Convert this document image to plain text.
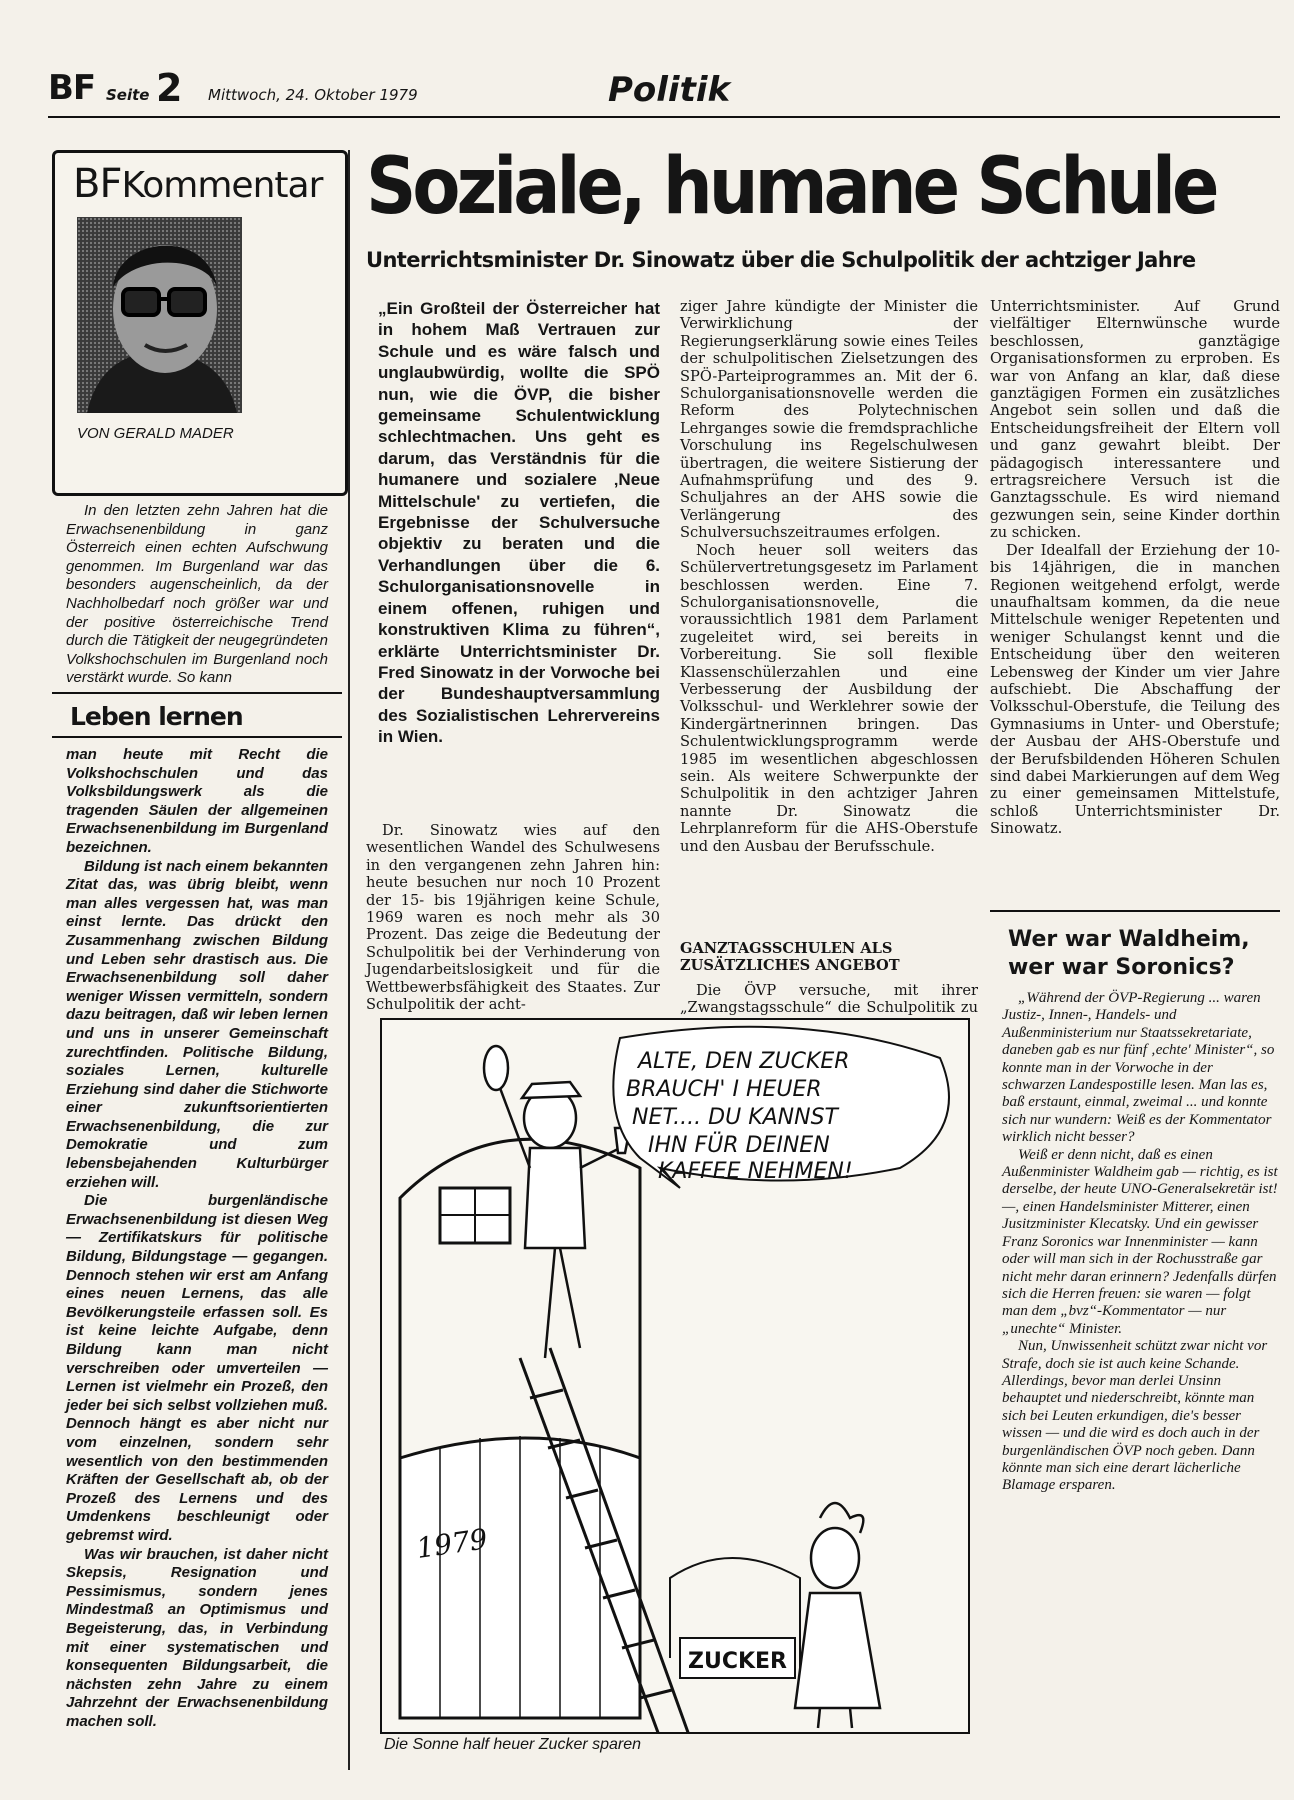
BF Seite 2 Mittwoch, 24. Oktober 1979	Politik
BFKommentar
VON GERALD MADER

In den letzten zehn Jahren hat die Erwachsenenbildung in ganz Österreich einen echten Aufschwung genommen. Im Burgenland war das besonders augenscheinlich, da der Nachholbedarf noch größer war und der positive österreichische Trend durch die Tätigkeit der neugegründeten Volkshochschulen im Burgenland noch verstärkt wurde. So kann

Leben lernen

man heute mit Recht die Volkshochschulen und das Volksbildungswerk als die tragenden Säulen der allgemeinen Erwachsenenbildung im Burgenland bezeichnen.

Bildung ist nach einem bekannten Zitat das, was übrig bleibt, wenn man alles vergessen hat, was man einst lernte. Das drückt den Zusammenhang zwischen Bildung und Leben sehr drastisch aus. Die Erwachsenenbildung soll daher weniger Wissen vermitteln, sondern dazu beitragen, daß wir leben lernen und uns in unserer Gemeinschaft zurechtfinden. Politische Bildung, soziales Lernen, kulturelle Erziehung sind daher die Stichworte einer zukunftsorientierten Erwachsenenbildung, die zur Demokratie und zum lebensbejahenden Kulturbürger erziehen will.

Die burgenländische Erwachsenenbildung ist diesen Weg — Zertifikatskurs für politische Bildung, Bildungstage — gegangen. Dennoch stehen wir erst am Anfang eines neuen Lernens, das alle Bevölkerungsteile erfassen soll. Es ist keine leichte Aufgabe, denn Bildung kann man nicht verschreiben oder umverteilen — Lernen ist vielmehr ein Prozeß, den jeder bei sich selbst vollziehen muß. Dennoch hängt es aber nicht nur vom einzelnen, sondern sehr wesentlich von den bestimmenden Kräften der Gesellschaft ab, ob der Prozeß des Lernens und des Umdenkens beschleunigt oder gebremst wird.

Was wir brauchen, ist daher nicht Skepsis, Resignation und Pessimismus, sondern jenes Mindestmaß an Optimismus und Begeisterung, das, in Verbindung mit einer systematischen und konsequenten Bildungsarbeit, die nächsten zehn Jahre zu einem Jahrzehnt der Erwachsenenbildung machen soll.

Soziale, humane Schule
Unterrichtsminister Dr. Sinowatz über die Schulpolitik der achtziger Jahre
„Ein Großteil der Österreicher hat in hohem Maß Vertrauen zur Schule und es wäre falsch und unglaubwürdig, wollte die SPÖ nun, wie die ÖVP, die bisher gemeinsame Schulentwicklung schlechtmachen. Uns geht es darum, das Verständnis für die humanere und sozialere ‚Neue Mittelschule' zu vertiefen, die Ergebnisse der Schulversuche objektiv zu beraten und die Verhandlungen über die 6. Schulorganisationsnovelle in einem offenen, ruhigen und konstruktiven Klima zu führen“, erklärte Unterrichtsminister Dr. Fred Sinowatz in der Vorwoche bei der Bundeshauptversammlung des Sozialistischen Lehrervereins in Wien.

Dr. Sinowatz wies auf den wesentlichen Wandel des Schulwesens in den vergangenen zehn Jahren hin: heute besuchen nur noch 10 Prozent der 15- bis 19jährigen keine Schule, 1969 waren es noch mehr als 30 Prozent. Das zeige die Bedeutung der Schulpolitik bei der Verhinderung von Jugendarbeitslosigkeit und für die Wettbewerbsfähigkeit des Staates. Zur Schulpolitik der acht-

ziger Jahre kündigte der Minister die Verwirklichung der Regierungserklärung sowie eines Teiles der schulpolitischen Zielsetzungen des SPÖ-Parteiprogrammes an. Mit der 6. Schulorganisationsnovelle werden die Reform des Polytechnischen Lehrganges sowie die fremdsprachliche Vorschulung ins Regelschulwesen übertragen, die weitere Sistierung der Aufnahmsprüfung und des 9. Schuljahres an der AHS sowie die Verlängerung des Schulversuchszeitraumes erfolgen.

Noch heuer soll weiters das Schülervertretungsgesetz im Parlament beschlossen werden. Eine 7. Schulorganisationsnovelle, die voraussichtlich 1981 dem Parlament zugeleitet wird, sei bereits in Vorbereitung. Sie soll flexible Klassenschülerzahlen und eine Verbesserung der Ausbildung der Volksschul- und Werklehrer sowie der Kindergärtnerinnen bringen. Das Schulentwicklungsprogramm werde 1985 im wesentlichen abgeschlossen sein. Als weitere Schwerpunkte der Schulpolitik in den achtziger Jahren nannte Dr. Sinowatz die Lehrplanreform für die AHS-Oberstufe und den Ausbau der Berufsschule.

GANZTAGSSCHULEN ALS ZUSÄTZLICHES ANGEBOT

Die ÖVP versuche, mit ihrer „Zwangstagsschule“ die Schulpolitik zu

Unterrichtsminister. Auf Grund vielfältiger Elternwünsche wurde beschlossen, ganztägige Organisationsformen zu erproben. Es war von Anfang an klar, daß diese ganztägigen Formen ein zusätzliches Angebot sein sollen und daß die Entscheidungsfreiheit der Eltern voll und ganz gewahrt bleibt. Der pädagogisch interessantere und ertragsreichere Versuch ist die Ganztagsschule. Es wird niemand gezwungen sein, seine Kinder dorthin zu schicken.

Der Idealfall der Erziehung der 10- bis 14jährigen, die in manchen Regionen weitgehend erfolgt, werde unaufhaltsam kommen, da die neue Mittelschule weniger Repetenten und weniger Schulangst kennt und die Entscheidung über den weiteren Lebensweg der Kinder um vier Jahre aufschiebt. Die Abschaffung der Volksschul-Oberstufe, die Teilung des Gymnasiums in Unter- und Oberstufe; der Ausbau der AHS-Oberstufe und der Berufsbildenden Höheren Schulen sind dabei Markierungen auf dem Weg zu einer gemeinsamen Mittelstufe, schloß Unterrichtsminister Dr. Sinowatz.

Wer war Waldheim,
wer war Soronics?

„Während der ÖVP-Regierung ... waren Justiz-, Innen-, Handels- und Außenministerium nur Staatssekretariate, daneben gab es nur fünf ‚echte' Minister“, so konnte man in der Vorwoche in der schwarzen Landespostille lesen. Man las es, baß erstaunt, einmal, zweimal ... und konnte sich nur wundern: Weiß es der Kommentator wirklich nicht besser?

Weiß er denn nicht, daß es einen Außenminister Waldheim gab — richtig, es ist derselbe, der heute UNO-Generalsekretär ist! —, einen Handelsminister Mitterer, einen Jusitzminister Klecatsky. Und ein gewisser Franz Soronics war Innenminister — kann oder will man sich in der Rochusstraße gar nicht mehr daran erinnern? Jedenfalls dürfen sich die Herren freuen: sie waren — folgt man dem „bvz“-Kommentator — nur „unechte“ Minister.

Nun, Unwissenheit schützt zwar nicht vor Strafe, doch sie ist auch keine Schande. Allerdings, bevor man derlei Unsinn behauptet und niederschreibt, könnte man sich bei Leuten erkundigen, die's besser wissen — und die wird es doch auch in der burgenländischen ÖVP noch geben. Dann könnte man sich eine derart lächerliche Blamage ersparen.

1979
ALTE, DEN ZUCKER
BRAUCH' I HEUER
NET.... DU KANNST
IHN FÜR DEINEN
KAFFEE NEHMEN!
ZUCKER
Die Sonne half heuer Zucker sparen
